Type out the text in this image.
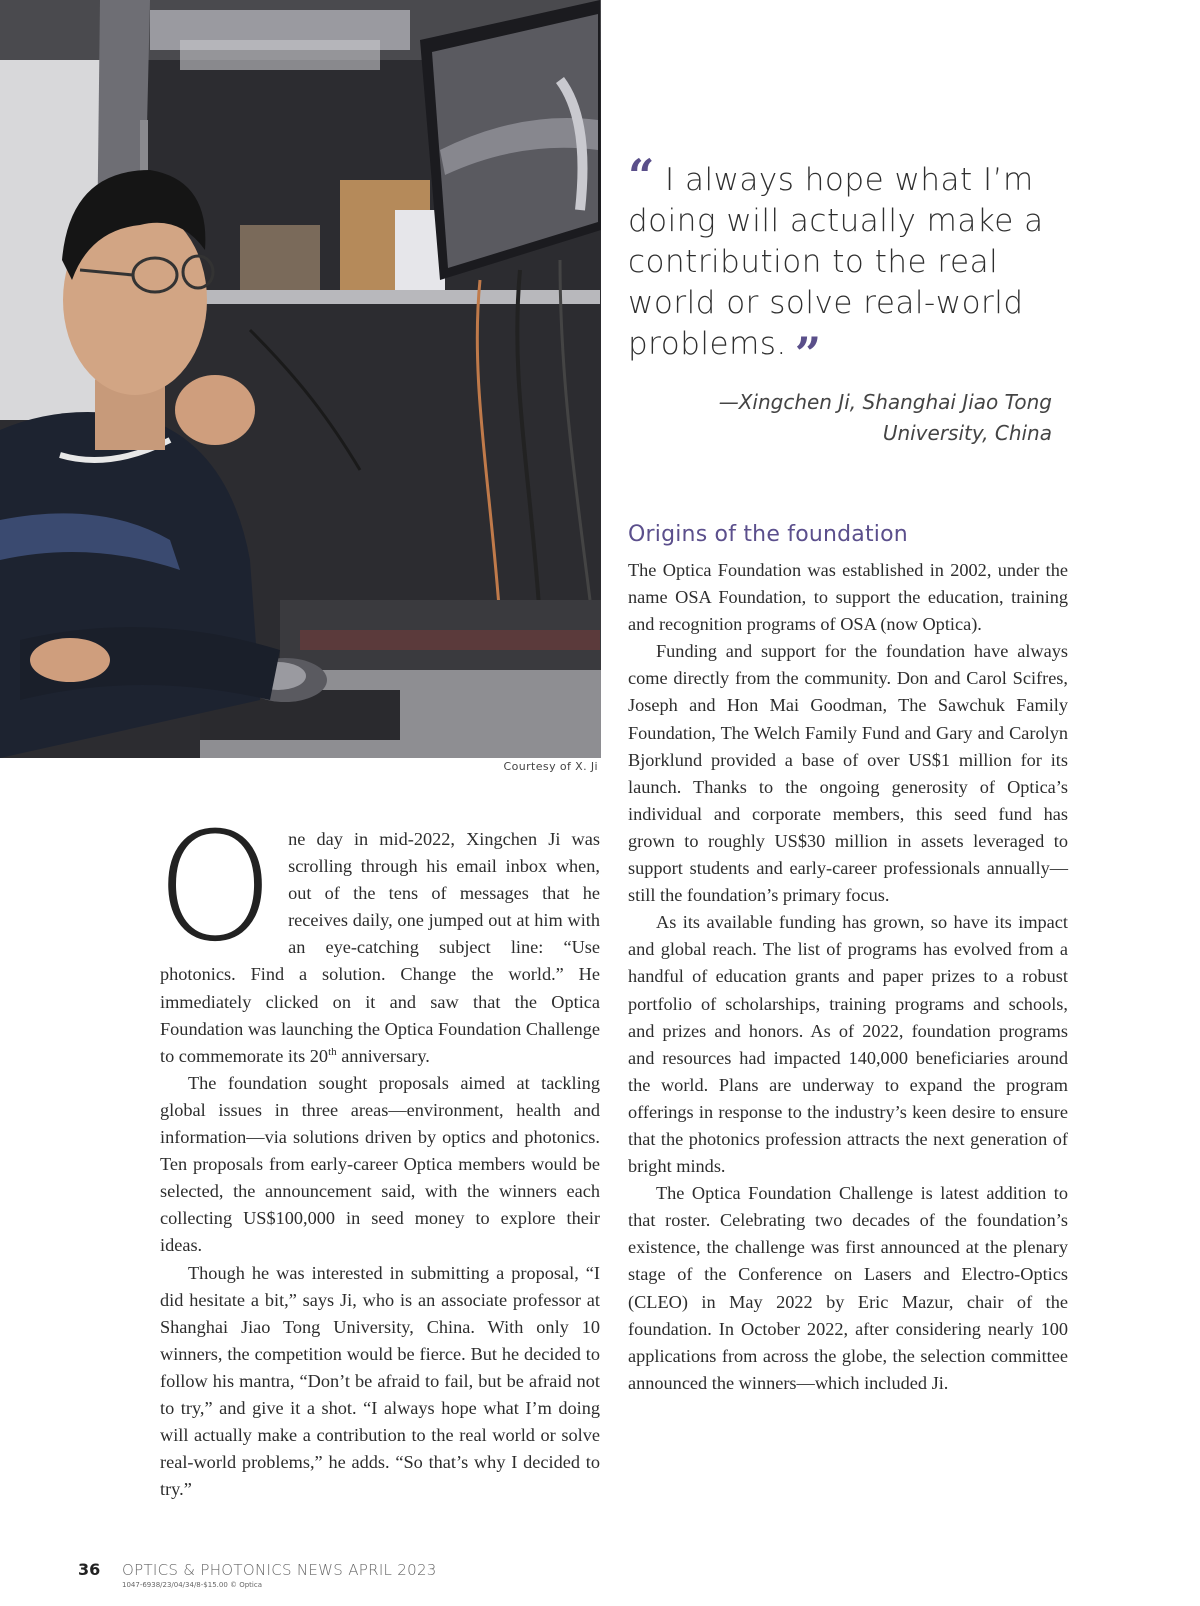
Courtesy of X. Ji
“ I always hope what I’m doing will actually make a contribution to the real world or solve real-world problems. ”
—Xingchen Ji, Shanghai Jiao Tong
University, China

One day in mid-2022, Xingchen Ji was scrolling through his email inbox when, out of the tens of messages that he receives daily, one jumped out at him with an eye-catching subject line: “Use photonics. Find a solution. Change the world.” He immediately clicked on it and saw that the Optica Foundation was launching the Optica Foundation Challenge to commemorate its 20th anniversary.

The foundation sought proposals aimed at tackling global issues in three areas—environment, health and information—via solutions driven by optics and photonics. Ten proposals from early-career Optica members would be selected, the announcement said, with the winners each collecting US$100,000 in seed money to explore their ideas.

Though he was interested in submitting a proposal, “I did hesitate a bit,” says Ji, who is an associate professor at Shanghai Jiao Tong University, China. With only 10 winners, the competition would be fierce. But he decided to follow his mantra, “Don’t be afraid to fail, but be afraid not to try,” and give it a shot. “I always hope what I’m doing will actually make a contribution to the real world or solve real-world problems,” he adds. “So that’s why I decided to try.”

Origins of the foundation

The Optica Foundation was established in 2002, under the name OSA Foundation, to support the education, training and recognition programs of OSA (now Optica).

Funding and support for the foundation have always come directly from the community. Don and Carol Scifres, Joseph and Hon Mai Goodman, The Sawchuk Family Foundation, The Welch Family Fund and Gary and Carolyn Bjorklund provided a base of over US$1 million for its launch. Thanks to the ongoing generosity of Optica’s individual and corporate members, this seed fund has grown to roughly US$30 million in assets leveraged to support students and early-career professionals annually—still the foundation’s primary focus.

As its available funding has grown, so have its impact and global reach. The list of programs has evolved from a handful of education grants and paper prizes to a robust portfolio of scholarships, training programs and schools, and prizes and honors. As of 2022, foundation programs and resources had impacted 140,000 beneficiaries around the world. Plans are underway to expand the program offerings in response to the industry’s keen desire to ensure that the photonics profession attracts the next generation of bright minds.

The Optica Foundation Challenge is latest addition to that roster. Celebrating two decades of the foundation’s existence, the challenge was first announced at the plenary stage of the Conference on Lasers and Electro-Optics (CLEO) in May 2022 by Eric Mazur, chair of the foundation. In October 2022, after considering nearly 100 applications from across the globe, the selection committee announced the winners—which included Ji.

36 OPTICS & PHOTONICS NEWS APRIL 2023
1047-6938/23/04/34/8-$15.00 © Optica
